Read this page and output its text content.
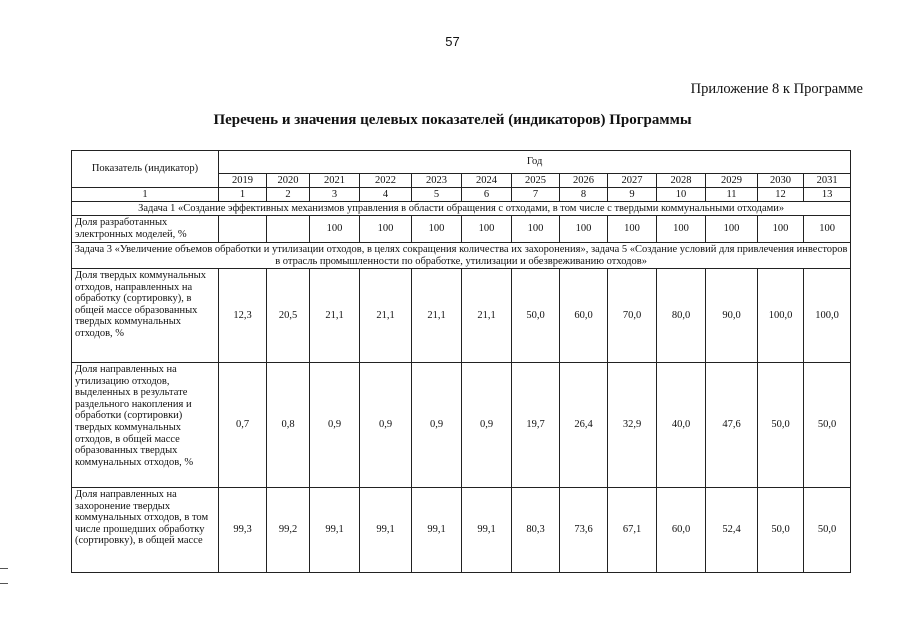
57
Приложение 8 к Программе
Перечень и значения целевых показателей (индикаторов) Программы
Показатель (индикатор)	Год												
	2019	2020	2021	2022	2023	2024	2025	2026	2027	2028	2029	2030	2031
1	1	2	3	4	5	6	7	8	9	10	11	12	13
Задача 1 «Создание эффективных механизмов управления в области обращения с отходами, в том числе с твердыми коммунальными отходами»													
Доля разработанных электронных моделей, %			100	100	100	100	100	100	100	100	100	100	100
Задача 3 «Увеличение объемов обработки и утилизации отходов, в целях сокращения количества их захоронения», задача 5 «Создание условий для привлечения инвесторов в отрасль промышленности по обработке, утилизации и обезвреживанию отходов»													
Доля твердых коммунальных отходов, направленных на обработку (сортировку), в общей массе образованных твердых коммунальных отходов, %	12,3	20,5	21,1	21,1	21,1	21,1	50,0	60,0	70,0	80,0	90,0	100,0	100,0
Доля направленных на утилизацию отходов, выделенных в результате раздельного накопления и обработки (сортировки) твердых коммунальных отходов, в общей массе образованных твердых коммунальных отходов, %	0,7	0,8	0,9	0,9	0,9	0,9	19,7	26,4	32,9	40,0	47,6	50,0	50,0
Доля направленных на захоронение твердых коммунальных отходов, в том числе прошедших обработку (сортировку), в общей массе	99,3	99,2	99,1	99,1	99,1	99,1	80,3	73,6	67,1	60,0	52,4	50,0	50,0
